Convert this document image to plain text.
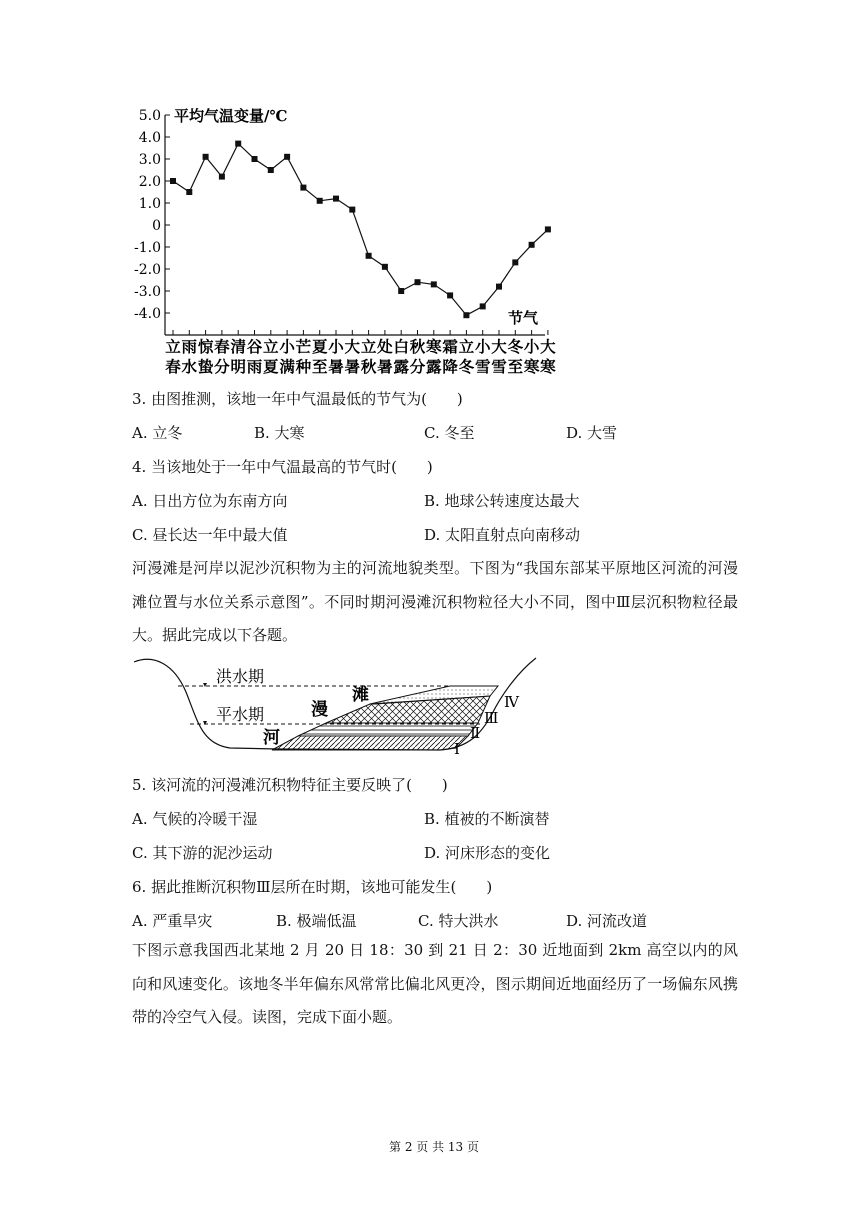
5.0
4.0
3.0
2.0
1.0
0
-1.0
-2.0
-3.0
-4.0
平均气温变量/℃
节气
立 雨 惊 春 清 谷 立 小 芒 夏 小 大 立 处 白 秋 寒 霜 立 小 大 冬 小 大
春 水 蛰 分 明 雨 夏 满 种 至 暑 暑 秋 暑 露 分 露 降 冬 雪 雪 至 寒 寒
3. 由图推测，该地一年中气温最低的节气为(　　)
A. 立冬	B. 大寒	C. 冬至	D. 大雪
4. 当该地处于一年中气温最高的节气时(　　)
A. 日出方位为东南方向	B. 地球公转速度达最大
C. 昼长达一年中最大值	D. 太阳直射点向南移动
河漫滩是河岸以泥沙沉积物为主的河流地貌类型。下图为“我国东部某平原地区河流的河漫滩位置与水位关系示意图”。不同时期河漫滩沉积物粒径大小不同，图中Ⅲ层沉积物粒径最大。据此完成以下各题。
洪水期
平水期
河
漫
滩
Ⅰ
Ⅱ
Ⅲ
Ⅳ
5. 该河流的河漫滩沉积物特征主要反映了(　　)
A. 气候的冷暖干湿	B. 植被的不断演替
C. 其下游的泥沙运动	D. 河床形态的变化
6. 据此推断沉积物Ⅲ层所在时期，该地可能发生(　　)
A. 严重旱灾	B. 极端低温	C. 特大洪水	D. 河流改道
下图示意我国西北某地 2 月 20 日 18：30 到 21 日 2：30 近地面到 2km 高空以内的风向和风速变化。该地冬半年偏东风常常比偏北风更冷，图示期间近地面经历了一场偏东风携带的冷空气入侵。读图，完成下面小题。
第 2 页 共 13 页
